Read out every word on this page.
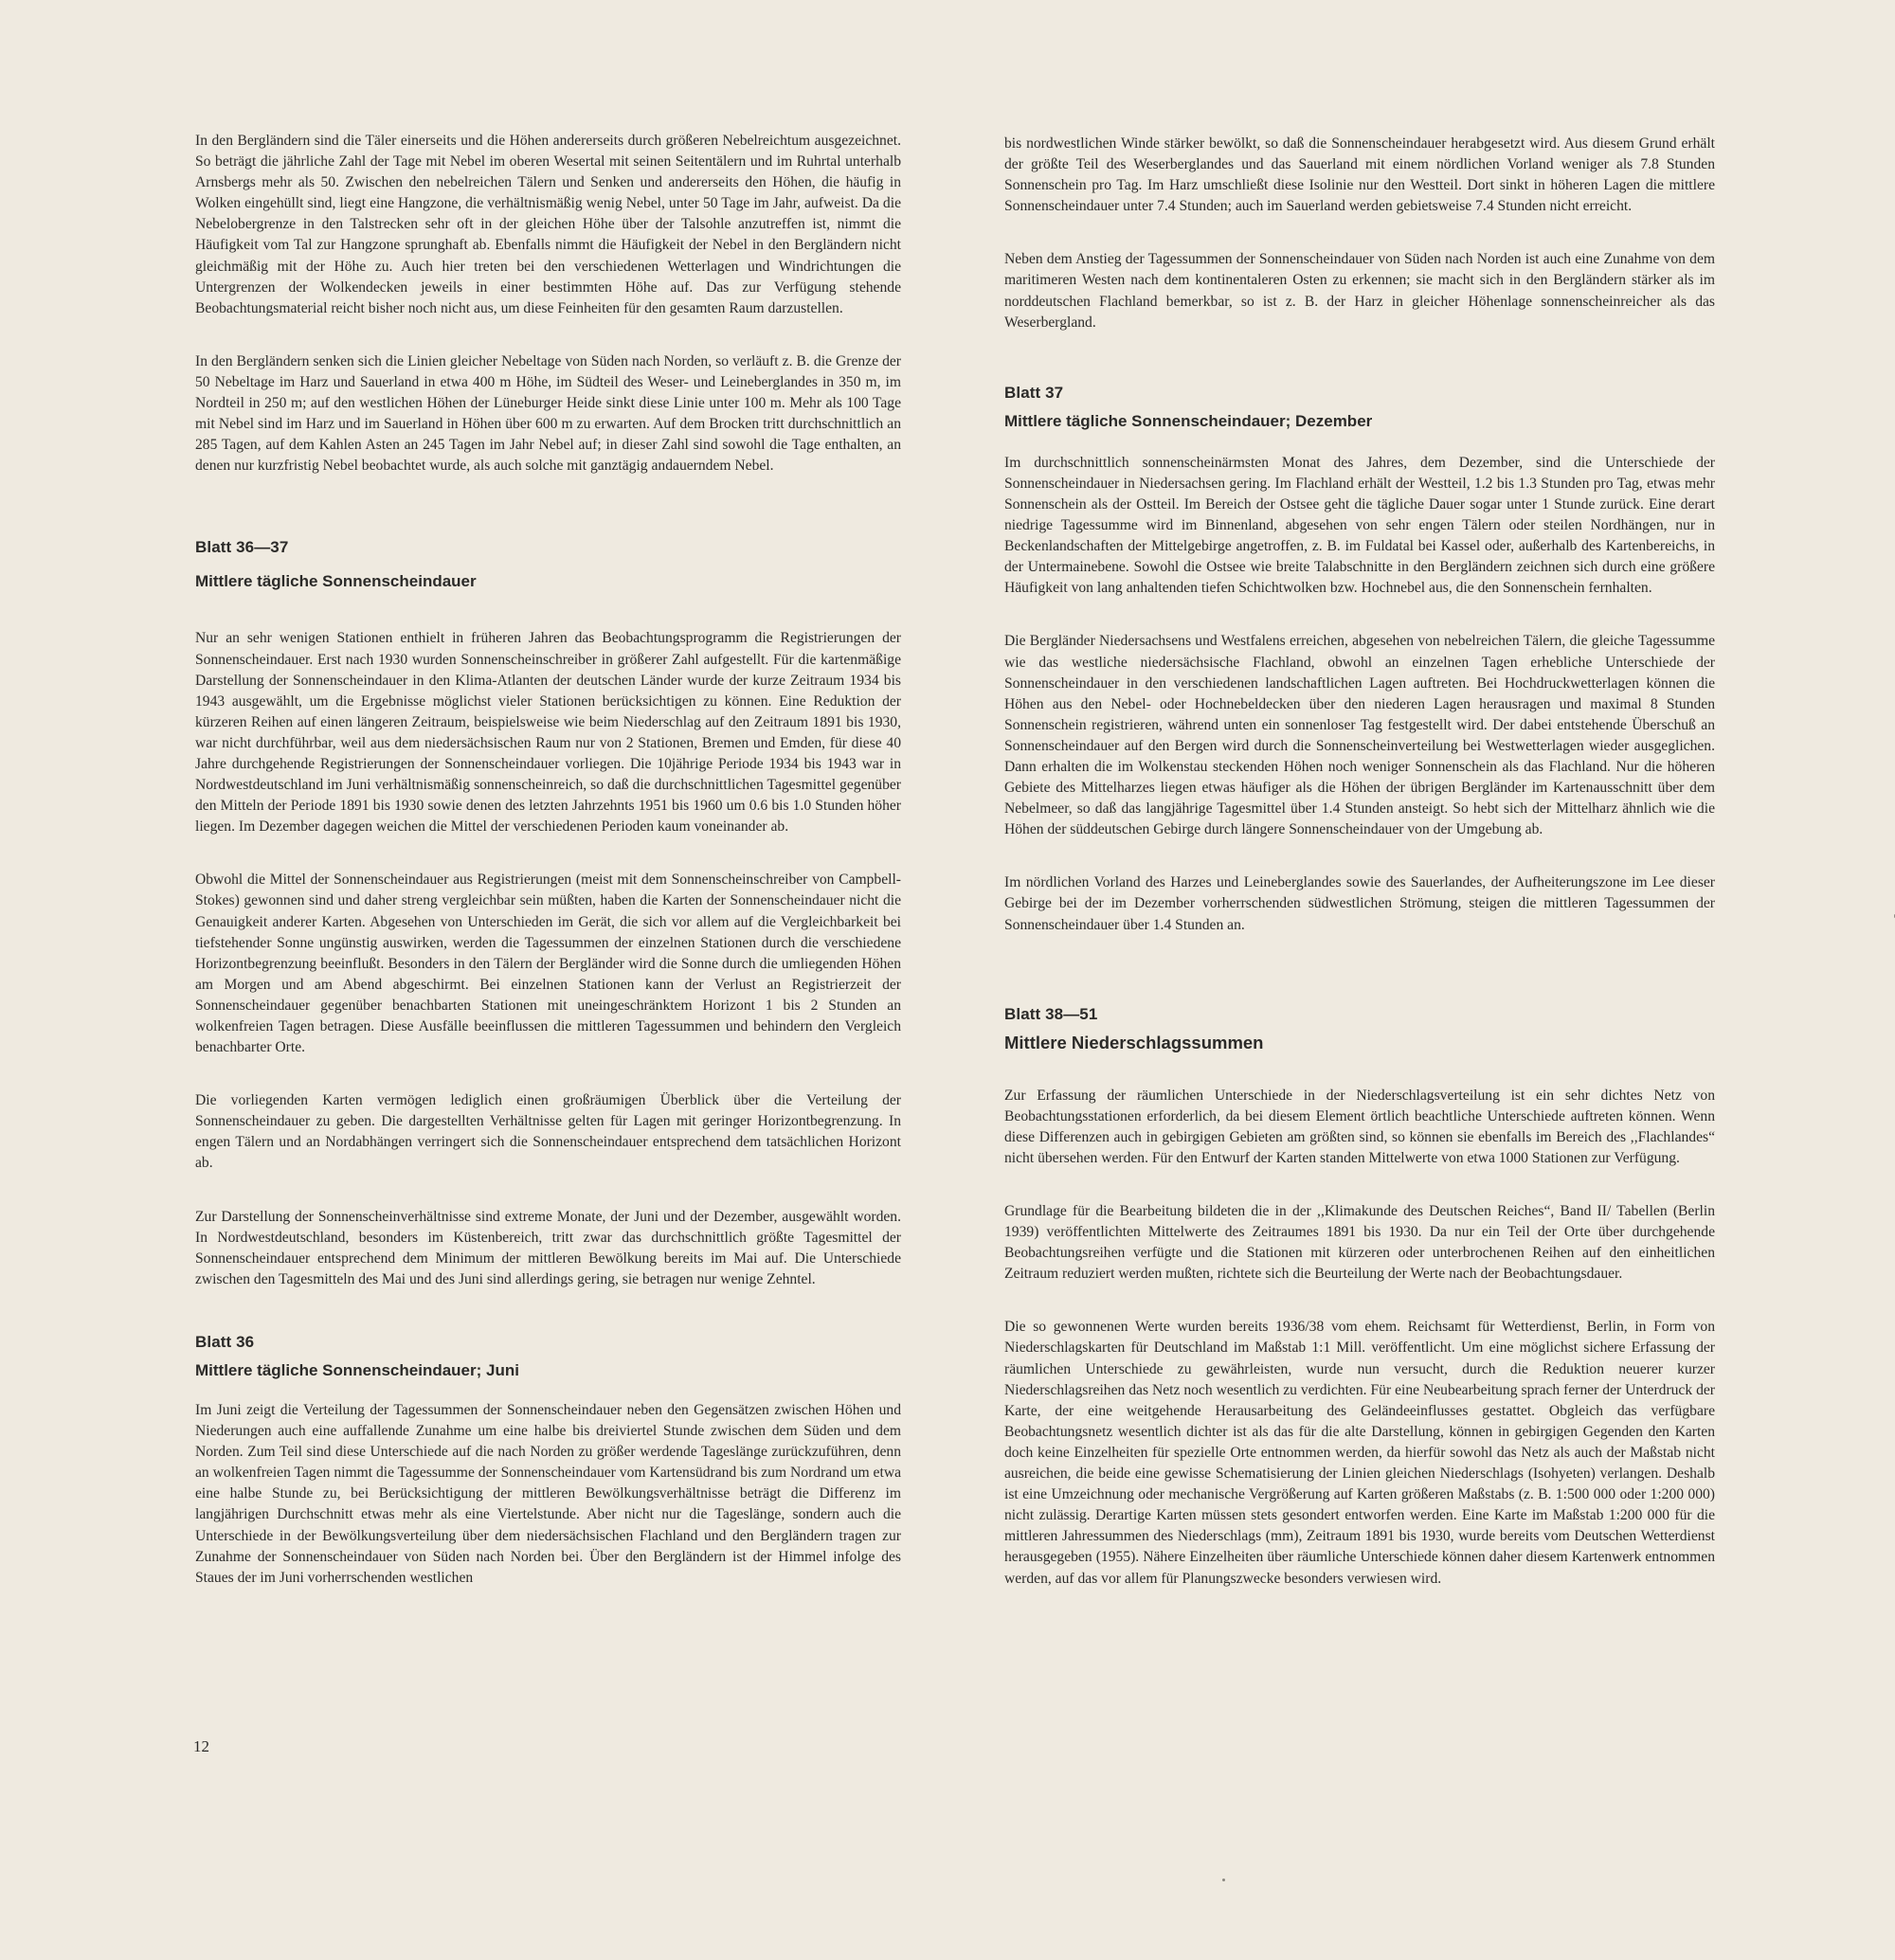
In den Bergländern sind die Täler einerseits und die Höhen andererseits durch größeren Nebelreichtum ausgezeichnet. So beträgt die jährliche Zahl der Tage mit Nebel im oberen Wesertal mit seinen Seitentälern und im Ruhrtal unterhalb Arnsbergs mehr als 50. Zwischen den nebelreichen Tälern und Senken und andererseits den Höhen, die häufig in Wolken eingehüllt sind, liegt eine Hangzone, die verhältnismäßig wenig Nebel, unter 50 Tage im Jahr, aufweist. Da die Nebelobergrenze in den Talstrecken sehr oft in der gleichen Höhe über der Talsohle anzutreffen ist, nimmt die Häufigkeit vom Tal zur Hangzone sprunghaft ab. Ebenfalls nimmt die Häufigkeit der Nebel in den Bergländern nicht gleichmäßig mit der Höhe zu. Auch hier treten bei den verschiedenen Wetterlagen und Windrichtungen die Untergrenzen der Wolkendecken jeweils in einer bestimmten Höhe auf. Das zur Verfügung stehende Beobachtungsmaterial reicht bisher noch nicht aus, um diese Feinheiten für den gesamten Raum darzustellen.

In den Bergländern senken sich die Linien gleicher Nebeltage von Süden nach Norden, so verläuft z. B. die Grenze der 50 Nebeltage im Harz und Sauerland in etwa 400 m Höhe, im Südteil des Weser- und Leineberglandes in 350 m, im Nordteil in 250 m; auf den westlichen Höhen der Lüneburger Heide sinkt diese Linie unter 100 m. Mehr als 100 Tage mit Nebel sind im Harz und im Sauerland in Höhen über 600 m zu erwarten. Auf dem Brocken tritt durchschnittlich an 285 Tagen, auf dem Kahlen Asten an 245 Tagen im Jahr Nebel auf; in dieser Zahl sind sowohl die Tage enthalten, an denen nur kurzfristig Nebel beobachtet wurde, als auch solche mit ganztägig andauerndem Nebel.

Blatt 36—37
Mittlere tägliche Sonnenscheindauer

Nur an sehr wenigen Stationen enthielt in früheren Jahren das Beobachtungsprogramm die Registrierungen der Sonnenscheindauer. Erst nach 1930 wurden Sonnenscheinschreiber in größerer Zahl aufgestellt. Für die kartenmäßige Darstellung der Sonnenscheindauer in den Klima-Atlanten der deutschen Länder wurde der kurze Zeitraum 1934 bis 1943 ausgewählt, um die Ergebnisse möglichst vieler Stationen berücksichtigen zu können. Eine Reduktion der kürzeren Reihen auf einen längeren Zeitraum, beispielsweise wie beim Niederschlag auf den Zeitraum 1891 bis 1930, war nicht durchführbar, weil aus dem niedersächsischen Raum nur von 2 Stationen, Bremen und Emden, für diese 40 Jahre durchgehende Registrierungen der Sonnenscheindauer vorliegen. Die 10jährige Periode 1934 bis 1943 war in Nordwestdeutschland im Juni verhältnismäßig sonnenscheinreich, so daß die durchschnittlichen Tagesmittel gegenüber den Mitteln der Periode 1891 bis 1930 sowie denen des letzten Jahrzehnts 1951 bis 1960 um 0.6 bis 1.0 Stunden höher liegen. Im Dezember dagegen weichen die Mittel der verschiedenen Perioden kaum voneinander ab.

Obwohl die Mittel der Sonnenscheindauer aus Registrierungen (meist mit dem Sonnenscheinschreiber von Campbell-Stokes) gewonnen sind und daher streng vergleichbar sein müßten, haben die Karten der Sonnenscheindauer nicht die Genauigkeit anderer Karten. Abgesehen von Unterschieden im Gerät, die sich vor allem auf die Vergleichbarkeit bei tiefstehender Sonne ungünstig auswirken, werden die Tagessummen der einzelnen Stationen durch die verschiedene Horizontbegrenzung beeinflußt. Besonders in den Tälern der Bergländer wird die Sonne durch die umliegenden Höhen am Morgen und am Abend abgeschirmt. Bei einzelnen Stationen kann der Verlust an Registrierzeit der Sonnenscheindauer gegenüber benachbarten Stationen mit uneingeschränktem Horizont 1 bis 2 Stunden an wolkenfreien Tagen betragen. Diese Ausfälle beeinflussen die mittleren Tagessummen und behindern den Vergleich benachbarter Orte.

Die vorliegenden Karten vermögen lediglich einen großräumigen Überblick über die Verteilung der Sonnenscheindauer zu geben. Die dargestellten Verhältnisse gelten für Lagen mit geringer Horizontbegrenzung. In engen Tälern und an Nordabhängen verringert sich die Sonnenscheindauer entsprechend dem tatsächlichen Horizont ab.

Zur Darstellung der Sonnenscheinverhältnisse sind extreme Monate, der Juni und der Dezember, ausgewählt worden. In Nordwestdeutschland, besonders im Küstenbereich, tritt zwar das durchschnittlich größte Tagesmittel der Sonnenscheindauer entsprechend dem Minimum der mittleren Bewölkung bereits im Mai auf. Die Unterschiede zwischen den Tagesmitteln des Mai und des Juni sind allerdings gering, sie betragen nur wenige Zehntel.

Blatt 36
Mittlere tägliche Sonnenscheindauer; Juni

Im Juni zeigt die Verteilung der Tagessummen der Sonnenscheindauer neben den Gegensätzen zwischen Höhen und Niederungen auch eine auffallende Zunahme um eine halbe bis dreiviertel Stunde zwischen dem Süden und dem Norden. Zum Teil sind diese Unterschiede auf die nach Norden zu größer werdende Tageslänge zurückzuführen, denn an wolkenfreien Tagen nimmt die Tagessumme der Sonnenscheindauer vom Kartensüdrand bis zum Nordrand um etwa eine halbe Stunde zu, bei Berücksichtigung der mittleren Bewölkungsverhältnisse beträgt die Differenz im langjährigen Durchschnitt etwas mehr als eine Viertelstunde. Aber nicht nur die Tageslänge, sondern auch die Unterschiede in der Bewölkungsverteilung über dem niedersächsischen Flachland und den Bergländern tragen zur Zunahme der Sonnenscheindauer von Süden nach Norden bei. Über den Bergländern ist der Himmel infolge des Staues der im Juni vorherrschenden westlichen

bis nordwestlichen Winde stärker bewölkt, so daß die Sonnenscheindauer herabgesetzt wird. Aus diesem Grund erhält der größte Teil des Weserberglandes und das Sauerland mit einem nördlichen Vorland weniger als 7.8 Stunden Sonnenschein pro Tag. Im Harz umschließt diese Isolinie nur den Westteil. Dort sinkt in höheren Lagen die mittlere Sonnenscheindauer unter 7.4 Stunden; auch im Sauerland werden gebietsweise 7.4 Stunden nicht erreicht.

Neben dem Anstieg der Tagessummen der Sonnenscheindauer von Süden nach Norden ist auch eine Zunahme von dem maritimeren Westen nach dem kontinentaleren Osten zu erkennen; sie macht sich in den Bergländern stärker als im norddeutschen Flachland bemerkbar, so ist z. B. der Harz in gleicher Höhenlage sonnenscheinreicher als das Weserbergland.

Blatt 37
Mittlere tägliche Sonnenscheindauer; Dezember

Im durchschnittlich sonnenscheinärmsten Monat des Jahres, dem Dezember, sind die Unterschiede der Sonnenscheindauer in Niedersachsen gering. Im Flachland erhält der Westteil, 1.2 bis 1.3 Stunden pro Tag, etwas mehr Sonnenschein als der Ostteil. Im Bereich der Ostsee geht die tägliche Dauer sogar unter 1 Stunde zurück. Eine derart niedrige Tagessumme wird im Binnenland, abgesehen von sehr engen Tälern oder steilen Nordhängen, nur in Beckenlandschaften der Mittelgebirge angetroffen, z. B. im Fuldatal bei Kassel oder, außerhalb des Kartenbereichs, in der Untermainebene. Sowohl die Ostsee wie breite Talabschnitte in den Bergländern zeichnen sich durch eine größere Häufigkeit von lang anhaltenden tiefen Schichtwolken bzw. Hochnebel aus, die den Sonnenschein fernhalten.

Die Bergländer Niedersachsens und Westfalens erreichen, abgesehen von nebelreichen Tälern, die gleiche Tagessumme wie das westliche niedersächsische Flachland, obwohl an einzelnen Tagen erhebliche Unterschiede der Sonnenscheindauer in den verschiedenen landschaftlichen Lagen auftreten. Bei Hochdruckwetterlagen können die Höhen aus den Nebel- oder Hochnebeldecken über den niederen Lagen herausragen und maximal 8 Stunden Sonnenschein registrieren, während unten ein sonnenloser Tag festgestellt wird. Der dabei entstehende Überschuß an Sonnenscheindauer auf den Bergen wird durch die Sonnenscheinverteilung bei Westwetterlagen wieder ausgeglichen. Dann erhalten die im Wolkenstau steckenden Höhen noch weniger Sonnenschein als das Flachland. Nur die höheren Gebiete des Mittelharzes liegen etwas häufiger als die Höhen der übrigen Bergländer im Kartenausschnitt über dem Nebelmeer, so daß das langjährige Tagesmittel über 1.4 Stunden ansteigt. So hebt sich der Mittelharz ähnlich wie die Höhen der süddeutschen Gebirge durch längere Sonnenscheindauer von der Umgebung ab.

Im nördlichen Vorland des Harzes und Leineberglandes sowie des Sauerlandes, der Aufheiterungszone im Lee dieser Gebirge bei der im Dezember vorherrschenden südwestlichen Strömung, steigen die mittleren Tagessummen der Sonnenscheindauer über 1.4 Stunden an.

Blatt 38—51
Mittlere Niederschlagssummen

Zur Erfassung der räumlichen Unterschiede in der Niederschlagsverteilung ist ein sehr dichtes Netz von Beobachtungsstationen erforderlich, da bei diesem Element örtlich beachtliche Unterschiede auftreten können. Wenn diese Differenzen auch in gebirgigen Gebieten am größten sind, so können sie ebenfalls im Bereich des ,,Flachlandes“ nicht übersehen werden. Für den Entwurf der Karten standen Mittelwerte von etwa 1000 Stationen zur Verfügung.

Grundlage für die Bearbeitung bildeten die in der ,,Klimakunde des Deutschen Reiches“, Band II/ Tabellen (Berlin 1939) veröffentlichten Mittelwerte des Zeitraumes 1891 bis 1930. Da nur ein Teil der Orte über durchgehende Beobachtungsreihen verfügte und die Stationen mit kürzeren oder unterbrochenen Reihen auf den einheitlichen Zeitraum reduziert werden mußten, richtete sich die Beurteilung der Werte nach der Beobachtungsdauer.

Die so gewonnenen Werte wurden bereits 1936/38 vom ehem. Reichsamt für Wetterdienst, Berlin, in Form von Niederschlagskarten für Deutschland im Maßstab 1:1 Mill. veröffentlicht. Um eine möglichst sichere Erfassung der räumlichen Unterschiede zu gewährleisten, wurde nun versucht, durch die Reduktion neuerer kurzer Niederschlagsreihen das Netz noch wesentlich zu verdichten. Für eine Neubearbeitung sprach ferner der Unterdruck der Karte, der eine weitgehende Herausarbeitung des Geländeeinflusses gestattet. Obgleich das verfügbare Beobachtungsnetz wesentlich dichter ist als das für die alte Darstellung, können in gebirgigen Gegenden den Karten doch keine Einzelheiten für spezielle Orte entnommen werden, da hierfür sowohl das Netz als auch der Maßstab nicht ausreichen, die beide eine gewisse Schematisierung der Linien gleichen Niederschlags (Isohyeten) verlangen. Deshalb ist eine Umzeichnung oder mechanische Vergrößerung auf Karten größeren Maßstabs (z. B. 1:500 000 oder 1:200 000) nicht zulässig. Derartige Karten müssen stets gesondert entworfen werden. Eine Karte im Maßstab 1:200 000 für die mittleren Jahressummen des Niederschlags (mm), Zeitraum 1891 bis 1930, wurde bereits vom Deutschen Wetterdienst herausgegeben (1955). Nähere Einzelheiten über räumliche Unterschiede können daher diesem Kartenwerk entnommen werden, auf das vor allem für Planungszwecke besonders verwiesen wird.

12
